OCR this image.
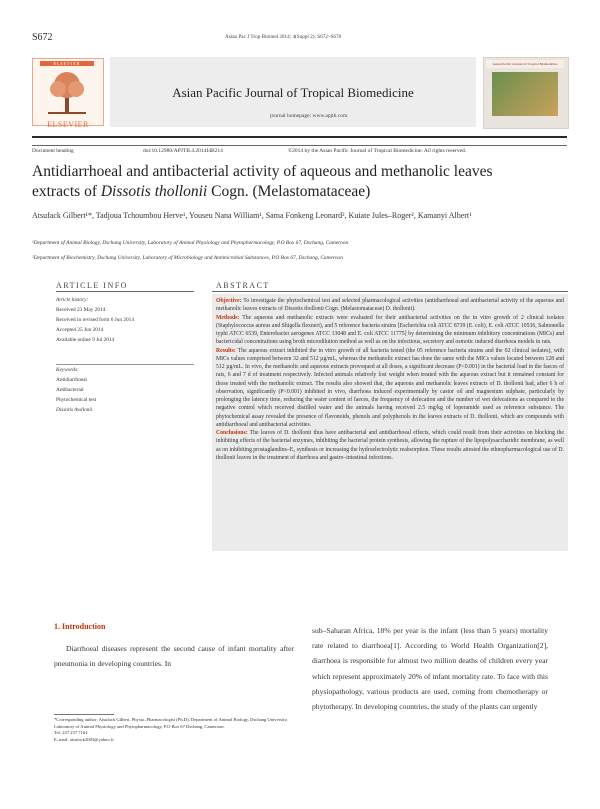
S672	Asian Pac J Trop Biomed 2014; 4(Suppl 2): S672–S678
ELSEVIER
ELSEVIER
Asian Pacific Journal of Tropical Biomedicine
journal homepage: www.apjtb.com
Asian Pacific Journal of Tropical Biomedicine
Document heading	doi:10.12980/APJTB.4.2014I4B214	©2014 by the Asian Pacific Journal of Tropical Biomedicine. All rights reserved.
Antidiarrhoeal and antibacterial activity of aqueous and methanolic leaves
extracts of Dissotis thollonii Cogn. (Melastomataceae)
Atsufack Gilbert¹*, Tadjoua Tchoumbou Herve¹, Youseu Nana William¹, Sama Fonkeng Leonard², Kuiate Jules–Roger², Kamanyi Albert¹
¹Department of Animal Biology, Dschang University, Laboratory of Animal Physiology and Phytopharmacology, P.O Box 67, Dschang, Cameroon
²Department of Biochemistry, Dschang University, Laboratory of Microbiology and Antimicrobial Substances, P.O Box 67, Dschang, Cameroon
ARTICLE INFO
Article history:
Received 23 May 2014
Received in revised form 6 Jun 2014
Accepted 25 Jun 2014
Available online 9 Jul 2014
Keywords:
Antidiarrhoeal
Antibacterial
Phytochemical test
Dissotis thollonii
ABSTRACT

Objective: To investigate the phytochemical test and selected pharmacological activities (antidiarrhoeal and antibacterial activity of the aqueous and methanolic leaves extracts of Dissotis thollonii Cogn. (Melastomataceae) D. thollonii).

Methods: The aqueous and methanolic extracts were evaluated for their antibacterial activities on the in vitro growth of 2 clinical isolates (Staphylococcus aureus and Shigella flexneri), and 5 reference bacteria strains [Escherichia coli ATCC 8739 (E. coli), E. coli ATCC 10536, Salmonella typhi ATCC 6539, Enterobacter aerogenes ATCC 13048 and E. coli ATCC 11775] by determining the minimum inhibitory concentrations (MICs) and bactericidal concentrations using broth microdilution method as well as on the infectious, secretory and osmotic induced diarrhoea models in rats.

Results: The aqueous extract inhibited the in vitro growth of all bacteria tested (the 05 reference bacteria strains and the 02 clinical isolates), with MICs values comprised between 32 and 512 µg/mL, whereas the methanolic extract has done the same with the MICs values located between 128 and 512 µg/mL. In vivo, the methanolic and aqueous extracts provoqued at all doses, a significant decrease (P<0.001) in the bacterial load in the faeces of rats, 6 and 7 d of treatment respectively. Infected animals relatively lost weight when treated with the aqueous extract but it remained constant for those treated with the methanolic extract. The results also showed that, the aqueous and methanolic leaves extracts of D. thollonii had, after 6 h of observation, significantly (P<0.001) inhibited in vivo, diarrhoea induced experimentally by castor oil and magnesium sulphate, particularly by prolonging the latency time, reducing the water content of faeces, the frequency of defecation and the number of wet defecations as compared to the negative control which received distilled water and the animals having received 2.5 mg/kg of loperamide used as reference substance. The phytochemical assay revealed the presence of flavonoids, phenols and polyphenols in the leaves extracts of D. thollonii, which are compounds with antidiarrhoeal and antibacterial activities.

Conclusions: The leaves of D. thollonii thus have antibacterial and antidiarrhoeal effects, which could result from their activities on blocking the inhibiting effects of the bacterial enzymes, inhibiting the bacterial protein synthesis, allowing the rupture of the lipopolysaccharidic membrane, as well as on inhibiting prostaglandins–E₂ synthesis or increasing the hydroelectrolytic reabsorption. These results attested the ethnopharmacological use of D. thollonii leaves in the treatment of diarrhoea and gastro–intestinal infections.

1. Introduction

Diarrhoeal diseases represent the second cause of infant mortality after pneumonia in developing countries. In

sub–Saharan Africa, 18% per year is the infant (less than 5 years) mortality rate related to diarrhoea[1]. According to World Health Organization[2], diarrhoea is responsible for almost two million deaths of children every year which represent approximately 20% of infant mortality rate. To face with this physiopathology, various products are used, coming from chemotherapy or phytotherapy. In developing countries, the study of the plants can urgently

*Corresponding author: Atsufack Gilbert, Physio–Pharmacologist (Ph.D), Department of Animal Biology, Dschang University, Laboratory of Animal Physiology and Phytopharmacology, P.O Box 67 Dschang, Cameroon.
Tel: 237 237 7164
E–mail: atsufack2003@yahoo.fr
